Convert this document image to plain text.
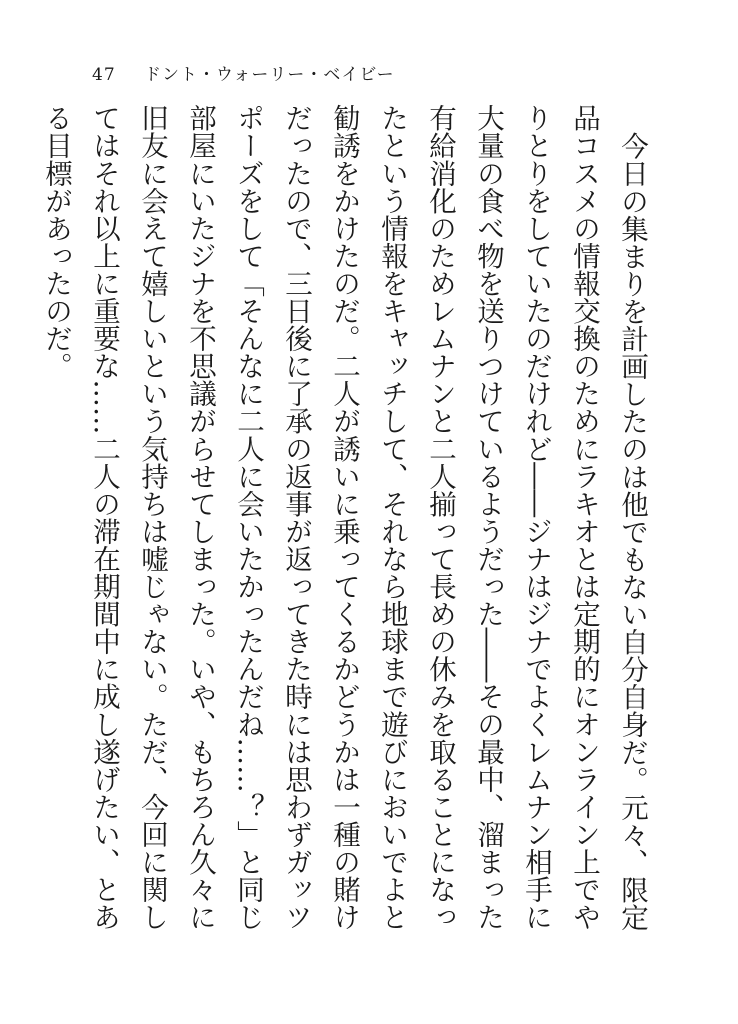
47 ドント・ウォーリー・ベイビー

今日の集まりを計画したのは他でもない自分自身だ。元々、限定品コスメの情報交換のためにラキオとは定期的にオンライン上でやりとりをしていたのだけれど――ジナはジナでよくレムナン相手に大量の食べ物を送りつけているようだった――その最中、溜まった有給消化のためレムナンと二人揃って長めの休みを取ることになったという情報をキャッチして、それなら地球まで遊びにおいでよと勧誘をかけたのだ。二人が誘いに乗ってくるかどうかは一種の賭けだったので、三日後に了承の返事が返ってきた時には思わずガッツポーズをして「そんなに二人に会いたかったんだね……？」と同じ部屋にいたジナを不思議がらせてしまった。いや、もちろん久々に旧友に会えて嬉しいという気持ちは嘘じゃない。ただ、今回に関してはそれ以上に重要な……二人の滞在期間中に成し遂げたい、とある目標があったのだ。
